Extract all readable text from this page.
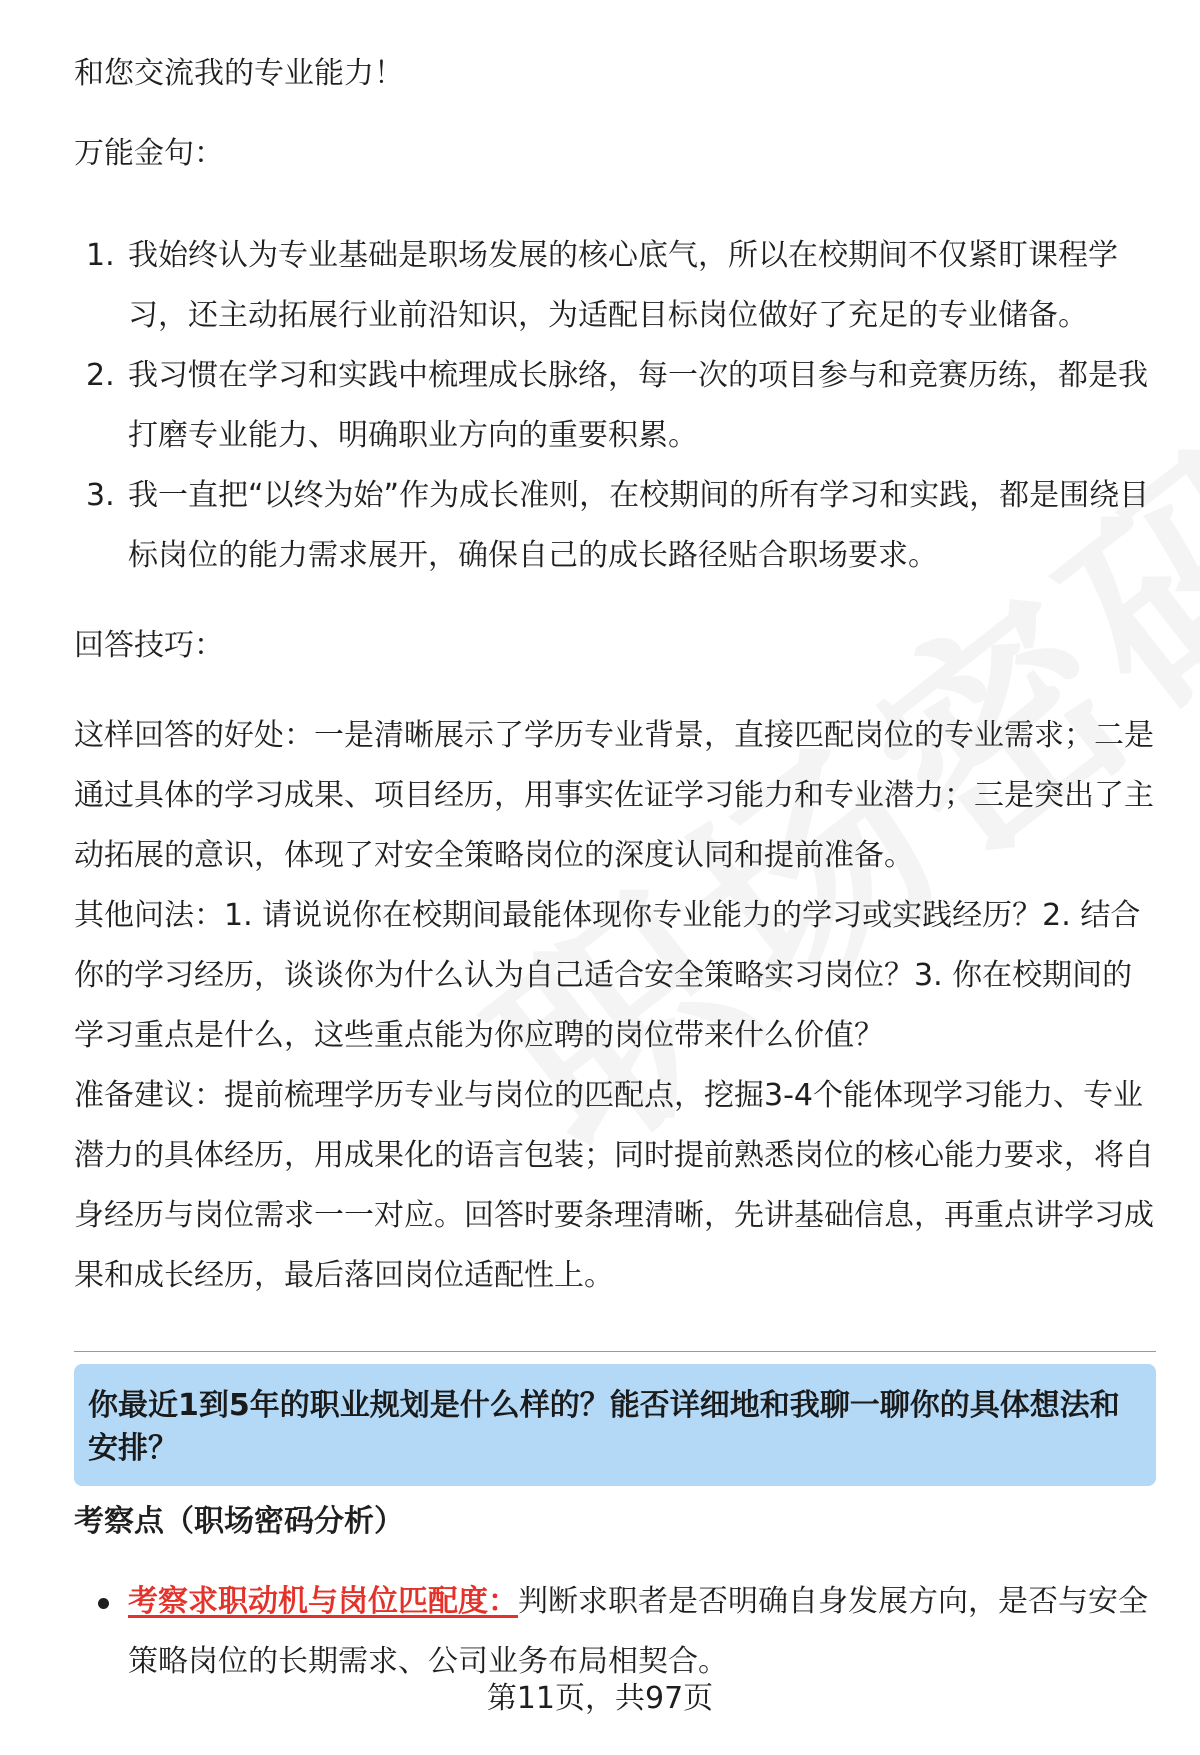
和您交流我的专业能力！
万能金句：
1. 我始终认为专业基础是职场发展的核心底气，所以在校期间不仅紧盯课程学习，还主动拓展行业前沿知识，为适配目标岗位做好了充足的专业储备。
2. 我习惯在学习和实践中梳理成长脉络，每一次的项目参与和竞赛历练，都是我打磨专业能力、明确职业方向的重要积累。
3. 我一直把“以终为始”作为成长准则，在校期间的所有学习和实践，都是围绕目标岗位的能力需求展开，确保自己的成长路径贴合职场要求。
回答技巧：
这样回答的好处：一是清晰展示了学历专业背景，直接匹配岗位的专业需求；二是通过具体的学习成果、项目经历，用事实佐证学习能力和专业潜力；三是突出了主动拓展的意识，体现了对安全策略岗位的深度认同和提前准备。
其他问法：1. 请说说你在校期间最能体现你专业能力的学习或实践经历？2. 结合你的学习经历，谈谈你为什么认为自己适合安全策略实习岗位？3. 你在校期间的学习重点是什么，这些重点能为你应聘的岗位带来什么价值？
准备建议：提前梳理学历专业与岗位的匹配点，挖掘3-4个能体现学习能力、专业潜力的具体经历，用成果化的语言包装；同时提前熟悉岗位的核心能力要求，将自身经历与岗位需求一一对应。回答时要条理清晰，先讲基础信息，再重点讲学习成果和成长经历，最后落回岗位适配性上。
你最近1到5年的职业规划是什么样的？能否详细地和我聊一聊你的具体想法和安排？
考察点（职场密码分析）
考察求职动机与岗位匹配度：判断求职者是否明确自身发展方向，是否与安全策略岗位的长期需求、公司业务布局相契合。
第11页，共97页
